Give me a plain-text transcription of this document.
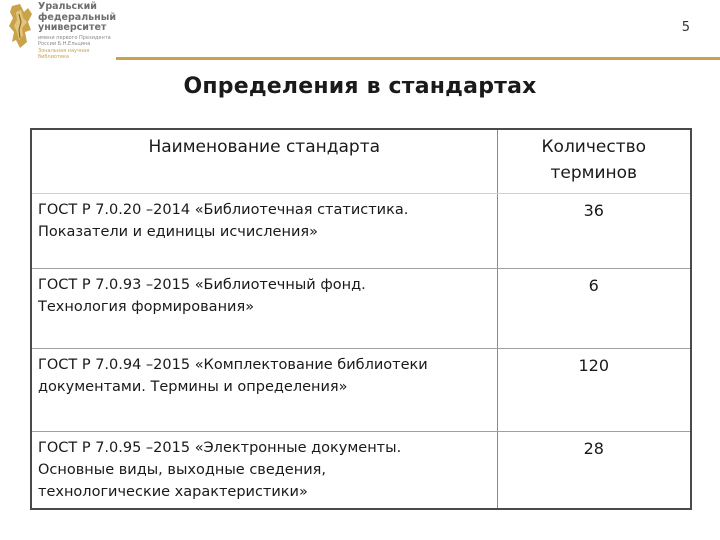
Уральский
федеральный
университет
имени первого Президента
России Б.Н.Ельцина
Зональная научная
библиотека
5
Определения в стандартах
Наименование стандарта	Количество
терминов
ГОСТ Р 7.0.20 –2014 «Библиотечная статистика.
Показатели и единицы исчисления»	36
ГОСТ Р 7.0.93 –2015 «Библиотечный фонд.
Технология формирования»	6
ГОСТ Р 7.0.94 –2015 «Комплектование библиотеки
документами. Термины и определения»	120
ГОСТ Р 7.0.95 –2015 «Электронные документы.
Основные виды, выходные сведения,
технологические характеристики»	28
